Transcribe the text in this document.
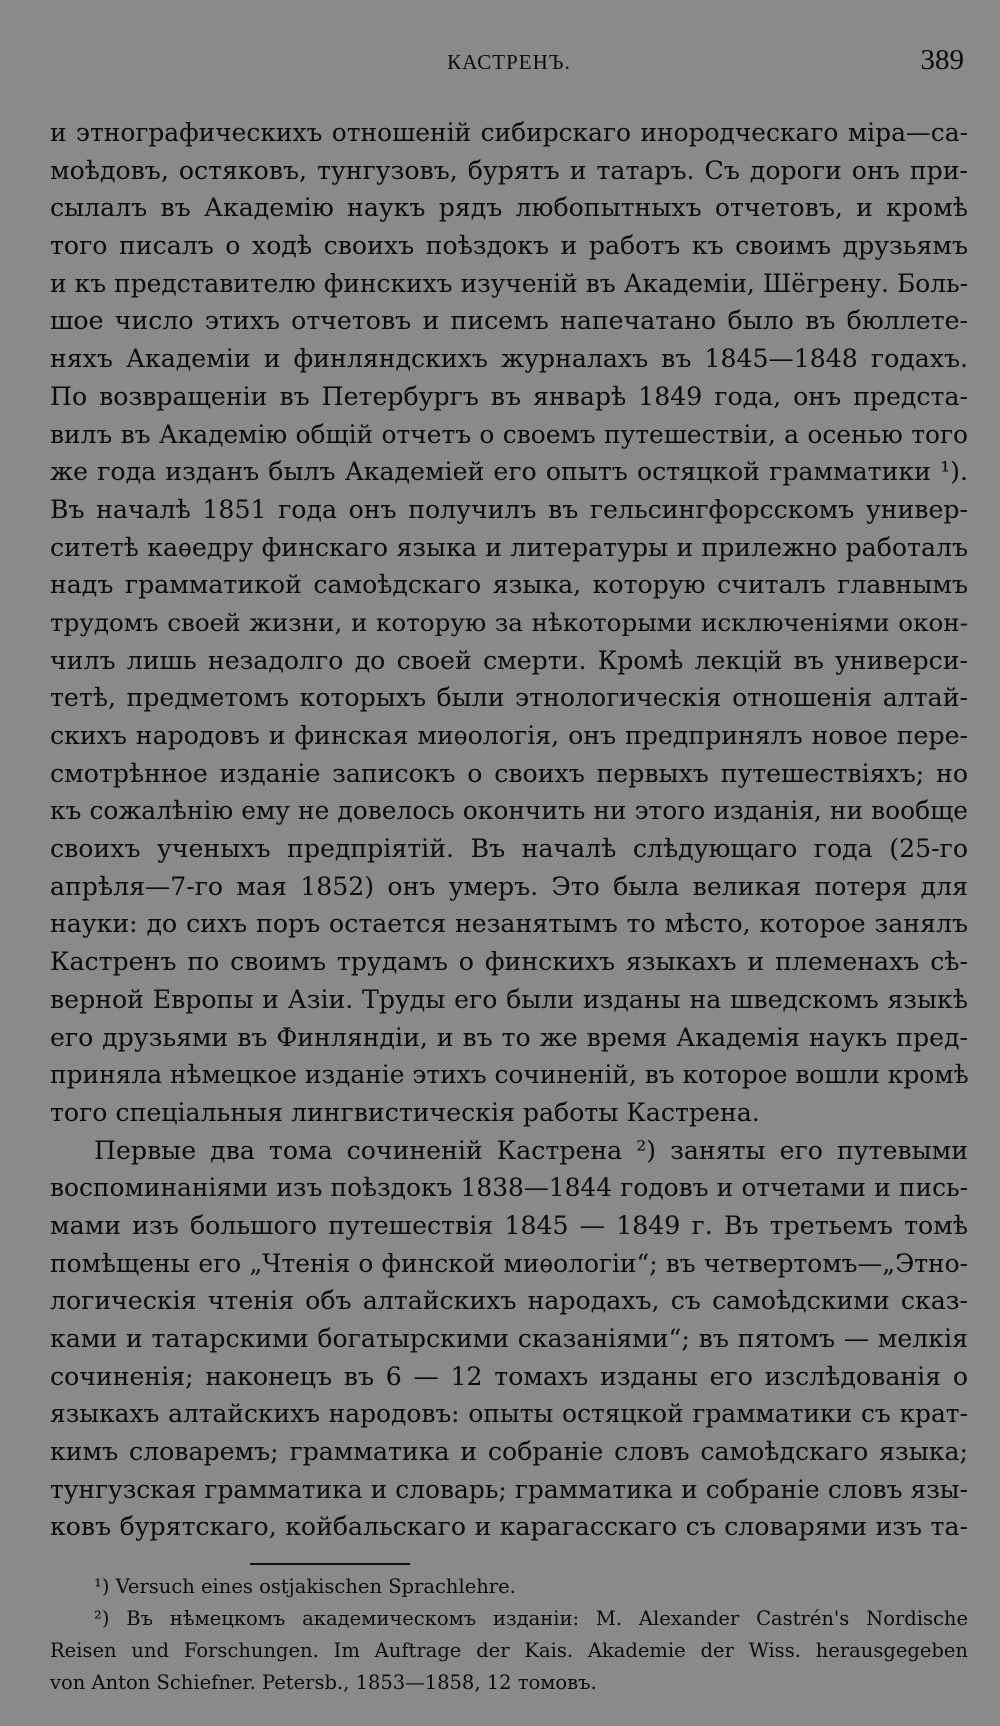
КАСТРЕНЪ.	389
и этнографическихъ отношеній сибирскаго инородческаго міра—са-
моѣдовъ, остяковъ, тунгузовъ, бурятъ и татаръ. Съ дороги онъ при-
сылалъ въ Академію наукъ рядъ любопытныхъ отчетовъ, и кромѣ
того писалъ о ходѣ своихъ поѣздокъ и работъ къ своимъ друзьямъ
и къ представителю финскихъ изученій въ Академіи, Шёгрену. Боль-
шое число этихъ отчетовъ и писемъ напечатано было въ бюллете-
няхъ Академіи и финляндскихъ журналахъ въ 1845—1848 годахъ.
По возвращеніи въ Петербургъ въ январѣ 1849 года, онъ предста-
вилъ въ Академію общій отчетъ о своемъ путешествіи, а осенью того
же года изданъ былъ Академіей его опытъ остяцкой грамматики ¹).
Въ началѣ 1851 года онъ получилъ въ гельсингфорсскомъ универ-
ситетѣ каѳедру финскаго языка и литературы и прилежно работалъ
надъ грамматикой самоѣдскаго языка, которую считалъ главнымъ
трудомъ своей жизни, и которую за нѣкоторыми исключеніями окон-
чилъ лишь незадолго до своей смерти. Кромѣ лекцій въ универси-
тетѣ, предметомъ которыхъ были этнологическія отношенія алтай-
скихъ народовъ и финская миѳологія, онъ предпринялъ новое пере-
смотрѣнное изданіе записокъ о своихъ первыхъ путешествіяхъ; но
къ сожалѣнію ему не довелось окончить ни этого изданія, ни вообще
своихъ ученыхъ предпріятій. Въ началѣ слѣдующаго года (25-го
апрѣля—7-го мая 1852) онъ умеръ. Это была великая потеря для
науки: до сихъ поръ остается незанятымъ то мѣсто, которое занялъ
Кастренъ по своимъ трудамъ о финскихъ языкахъ и племенахъ сѣ-
верной Европы и Азіи. Труды его были изданы на шведскомъ языкѣ
его друзьями въ Финляндіи, и въ то же время Академія наукъ пред-
приняла нѣмецкое изданіе этихъ сочиненій, въ которое вошли кромѣ
того спеціальныя лингвистическія работы Кастрена.
Первые два тома сочиненій Кастрена ²) заняты его путевыми
воспоминаніями изъ поѣздокъ 1838—1844 годовъ и отчетами и пись-
мами изъ большого путешествія 1845 — 1849 г. Въ третьемъ томѣ
помѣщены его „Чтенія о финской миѳологіи“; въ четвертомъ—„Этно-
логическія чтенія объ алтайскихъ народахъ, съ самоѣдскими сказ-
ками и татарскими богатырскими сказаніями“; въ пятомъ — мелкія
сочиненія; наконецъ въ 6 — 12 томахъ изданы его изслѣдованія о
языкахъ алтайскихъ народовъ: опыты остяцкой грамматики съ крат-
кимъ словаремъ; грамматика и собраніе словъ самоѣдскаго языка;
тунгузская грамматика и словарь; грамматика и собраніе словъ язы-
ковъ бурятскаго, койбальскаго и карагасскаго съ словарями изъ та-
¹) Versuch eines ostjakischen Sprachlehre.
²) Въ нѣмецкомъ академическомъ изданіи: M. Alexander Castrén's Nordische
Reisen und Forschungen. Im Auftrage der Kais. Akademie der Wiss. herausgegeben
von Anton Schiefner. Petersb., 1853—1858, 12 томовъ.
